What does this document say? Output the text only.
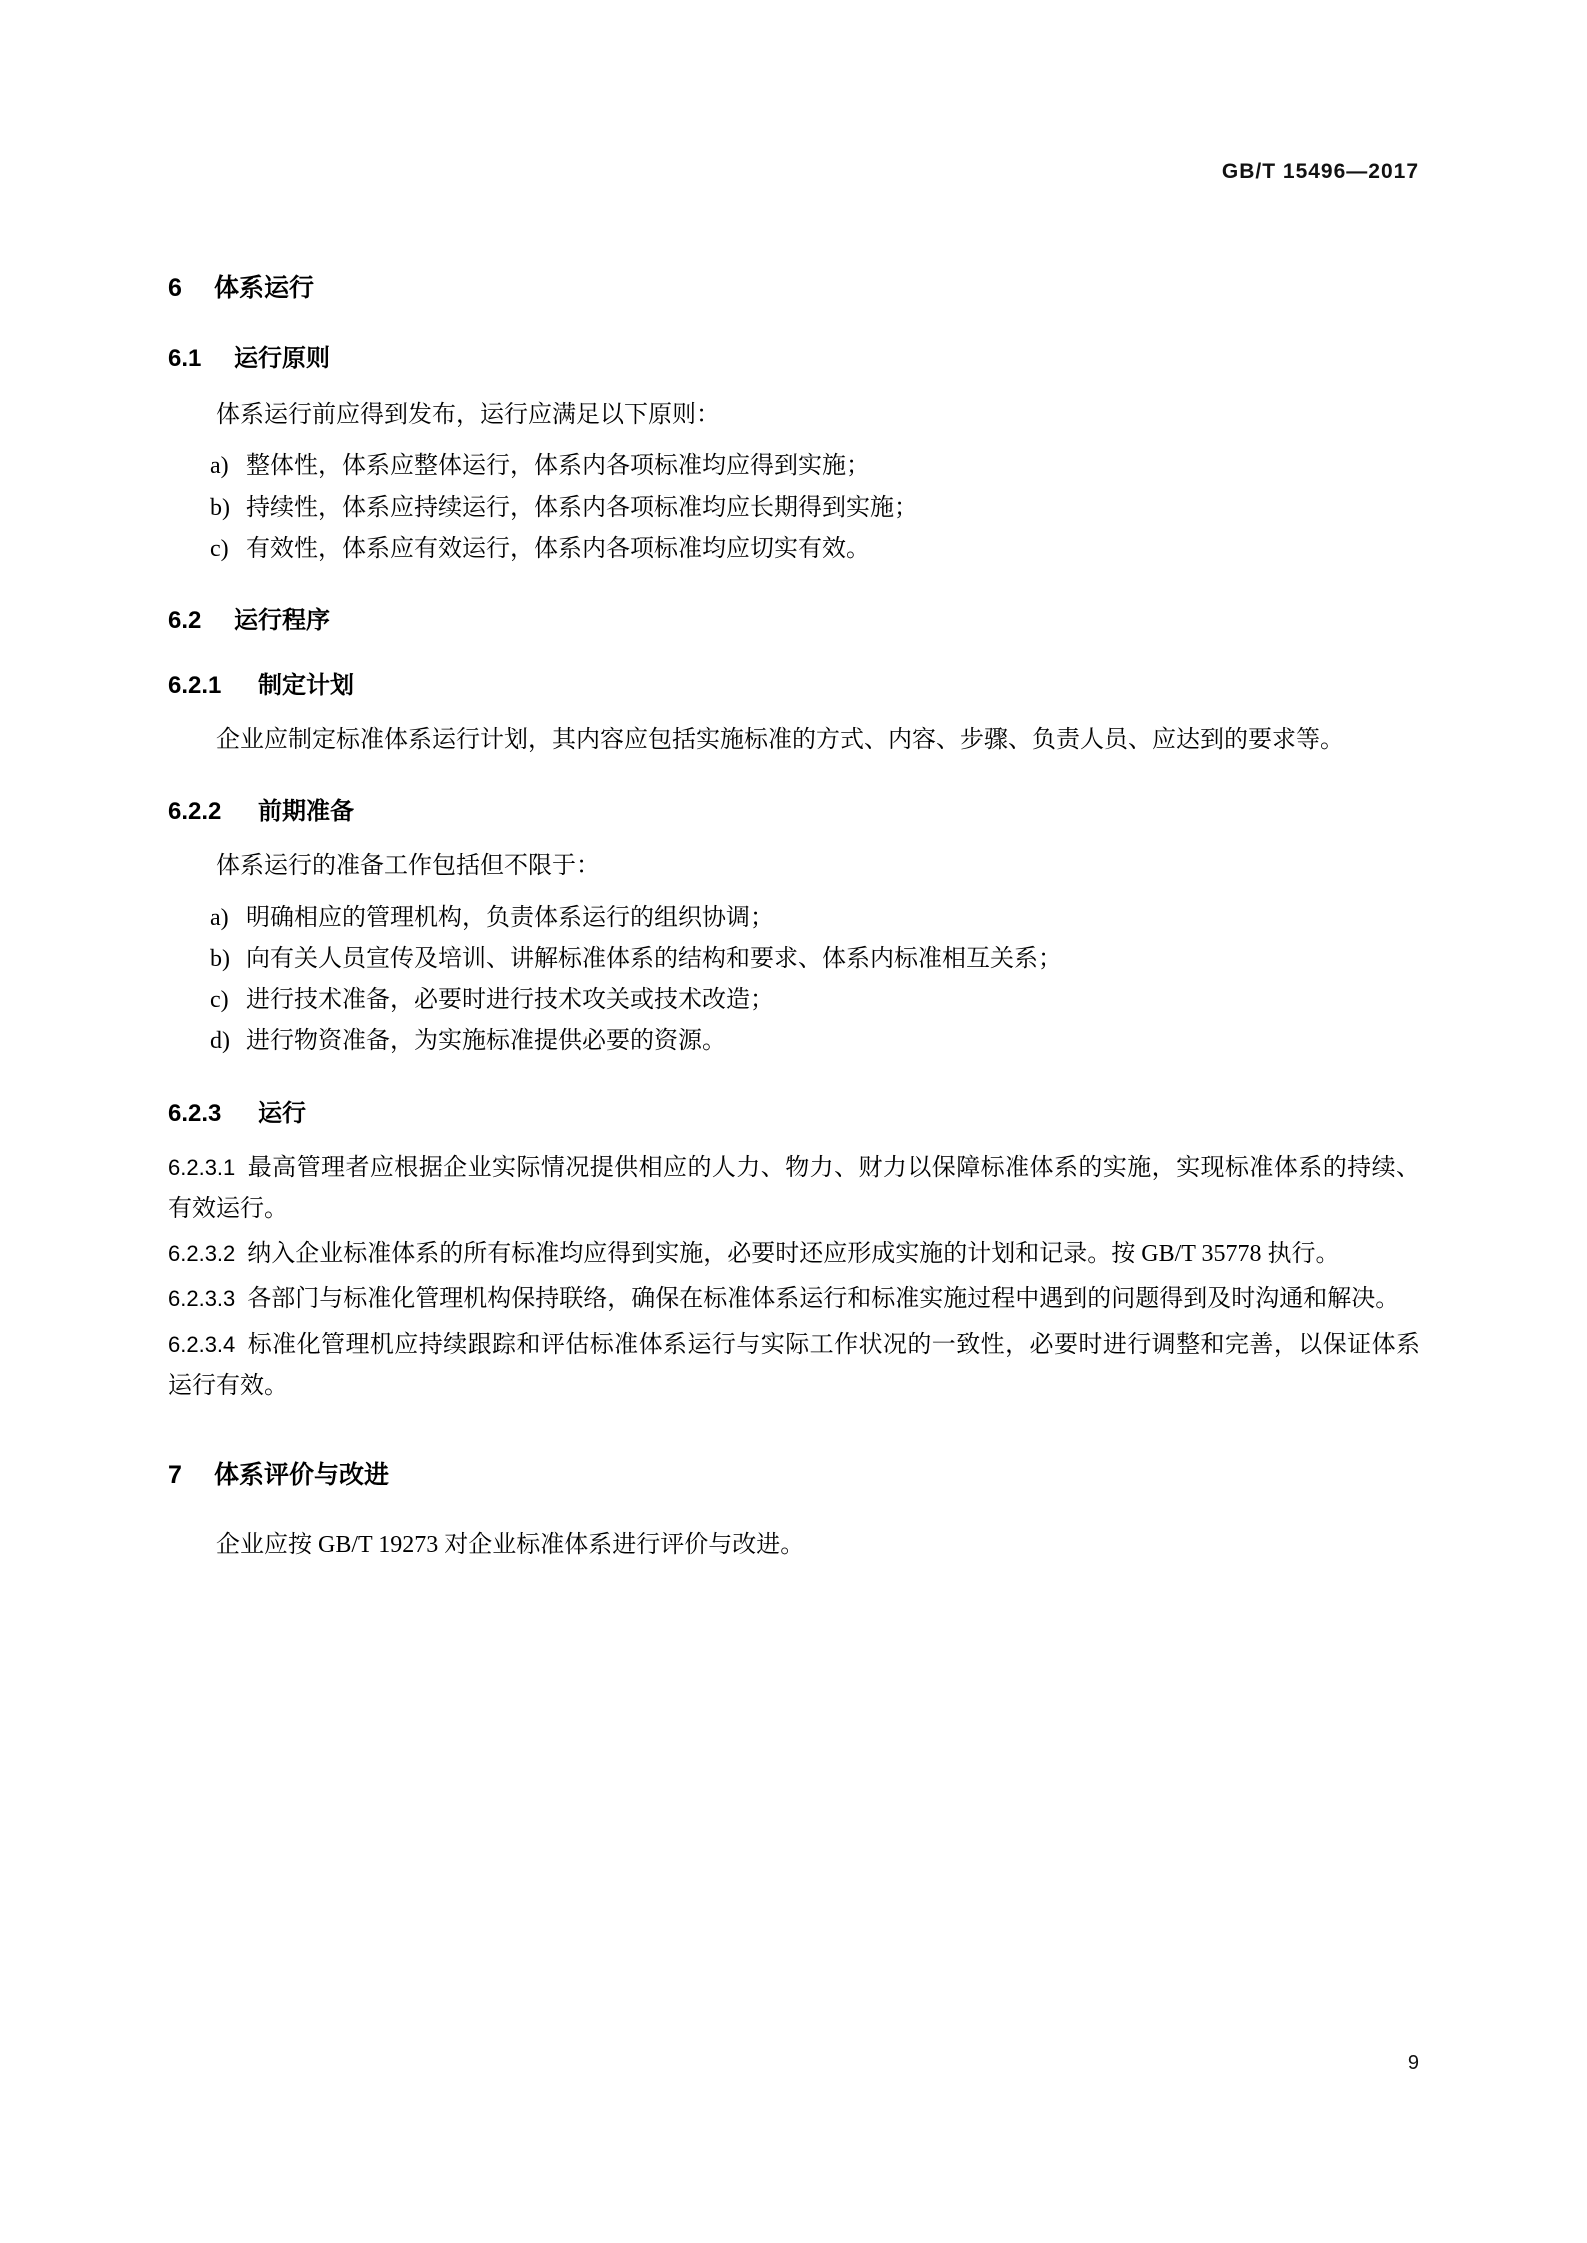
GB/T 15496—2017
6 体系运行
6.1 运行原则

体系运行前应得到发布，运行应满足以下原则：

a) 整体性，体系应整体运行，体系内各项标准均应得到实施；
b) 持续性，体系应持续运行，体系内各项标准均应长期得到实施；
c) 有效性，体系应有效运行，体系内各项标准均应切实有效。
6.2 运行程序
6.2.1 制定计划

企业应制定标准体系运行计划，其内容应包括实施标准的方式、内容、步骤、负责人员、应达到的要求等。

6.2.2 前期准备

体系运行的准备工作包括但不限于：

a) 明确相应的管理机构，负责体系运行的组织协调；
b) 向有关人员宣传及培训、讲解标准体系的结构和要求、体系内标准相互关系；
c) 进行技术准备，必要时进行技术攻关或技术改造；
d) 进行物资准备，为实施标准提供必要的资源。
6.2.3 运行

6.2.3.1 最高管理者应根据企业实际情况提供相应的人力、物力、财力以保障标准体系的实施，实现标准体系的持续、有效运行。

6.2.3.2 纳入企业标准体系的所有标准均应得到实施，必要时还应形成实施的计划和记录。按 GB/T 35778 执行。

6.2.3.3 各部门与标准化管理机构保持联络，确保在标准体系运行和标准实施过程中遇到的问题得到及时沟通和解决。

6.2.3.4 标准化管理机应持续跟踪和评估标准体系运行与实际工作状况的一致性，必要时进行调整和完善，以保证体系运行有效。

7 体系评价与改进

企业应按 GB/T 19273 对企业标准体系进行评价与改进。

9
